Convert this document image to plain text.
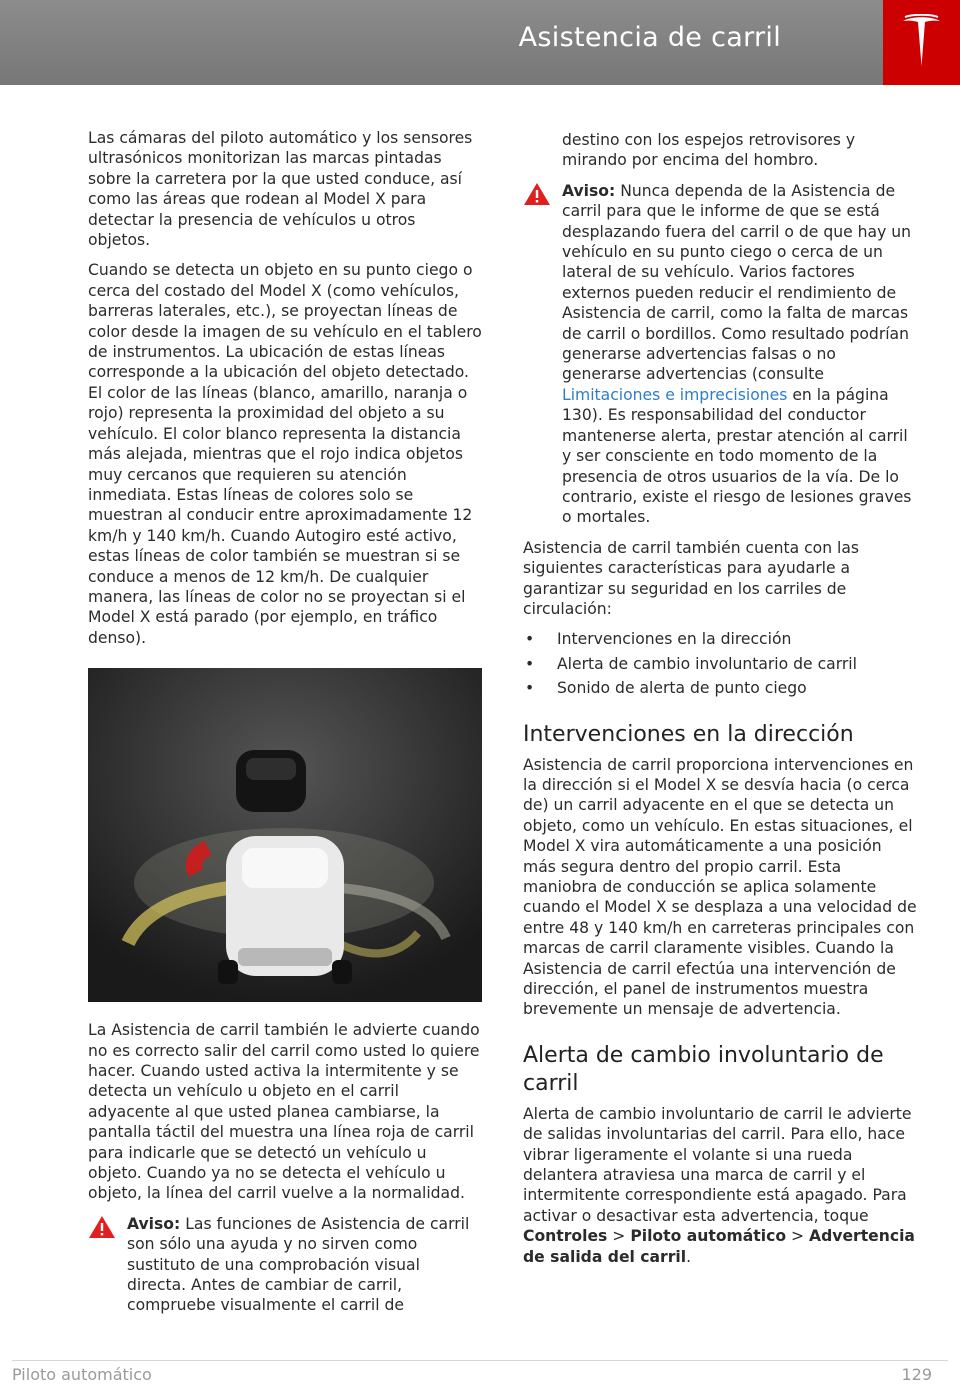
Asistencia de carril

Las cámaras del piloto automático y los sensores ultrasónicos monitorizan las marcas pintadas sobre la carretera por la que usted conduce, así como las áreas que rodean al Model X para detectar la presencia de vehículos u otros objetos.

Cuando se detecta un objeto en su punto ciego o cerca del costado del Model X (como vehículos, barreras laterales, etc.), se proyectan líneas de color desde la imagen de su vehículo en el tablero de instrumentos. La ubicación de estas líneas corresponde a la ubicación del objeto detectado. El color de las líneas (blanco, amarillo, naranja o rojo) representa la proximidad del objeto a su vehículo. El color blanco representa la distancia más alejada, mientras que el rojo indica objetos muy cercanos que requieren su atención inmediata. Estas líneas de colores solo se muestran al conducir entre aproximadamente 12 km/h y 140 km/h. Cuando Autogiro esté activo, estas líneas de color también se muestran si se conduce a menos de 12 km/h. De cualquier manera, las líneas de color no se proyectan si el Model X está parado (por ejemplo, en tráfico denso).

La Asistencia de carril también le advierte cuando no es correcto salir del carril como usted lo quiere hacer. Cuando usted activa la intermitente y se detecta un vehículo u objeto en el carril adyacente al que usted planea cambiarse, la pantalla táctil del muestra una línea roja de carril para indicarle que se detectó un vehículo u objeto. Cuando ya no se detecta el vehículo u objeto, la línea del carril vuelve a la normalidad.

Aviso: Las funciones de Asistencia de carril son sólo una ayuda y no sirven como sustituto de una comprobación visual directa. Antes de cambiar de carril, compruebe visualmente el carril de

destino con los espejos retrovisores y mirando por encima del hombro.

Aviso: Nunca dependa de la Asistencia de carril para que le informe de que se está desplazando fuera del carril o de que hay un vehículo en su punto ciego o cerca de un lateral de su vehículo. Varios factores externos pueden reducir el rendimiento de Asistencia de carril, como la falta de marcas de carril o bordillos. Como resultado podrían generarse advertencias falsas o no generarse advertencias (consulte Limitaciones e imprecisiones en la página 130). Es responsabilidad del conductor mantenerse alerta, prestar atención al carril y ser consciente en todo momento de la presencia de otros usuarios de la vía. De lo contrario, existe el riesgo de lesiones graves o mortales.

Asistencia de carril también cuenta con las siguientes características para ayudarle a garantizar su seguridad en los carriles de circulación:

• Intervenciones en la dirección
• Alerta de cambio involuntario de carril
• Sonido de alerta de punto ciego
Intervenciones en la dirección

Asistencia de carril proporciona intervenciones en la dirección si el Model X se desvía hacia (o cerca de) un carril adyacente en el que se detecta un objeto, como un vehículo. En estas situaciones, el Model X vira automáticamente a una posición más segura dentro del propio carril. Esta maniobra de conducción se aplica solamente cuando el Model X se desplaza a una velocidad de entre 48 y 140 km/h en carreteras principales con marcas de carril claramente visibles. Cuando la Asistencia de carril efectúa una intervención de dirección, el panel de instrumentos muestra brevemente un mensaje de advertencia.

Alerta de cambio involuntario de carril

Alerta de cambio involuntario de carril le advierte de salidas involuntarias del carril. Para ello, hace vibrar ligeramente el volante si una rueda delantera atraviesa una marca de carril y el intermitente correspondiente está apagado. Para activar o desactivar esta advertencia, toque Controles > Piloto automático > Advertencia de salida del carril.

Piloto automático	129
